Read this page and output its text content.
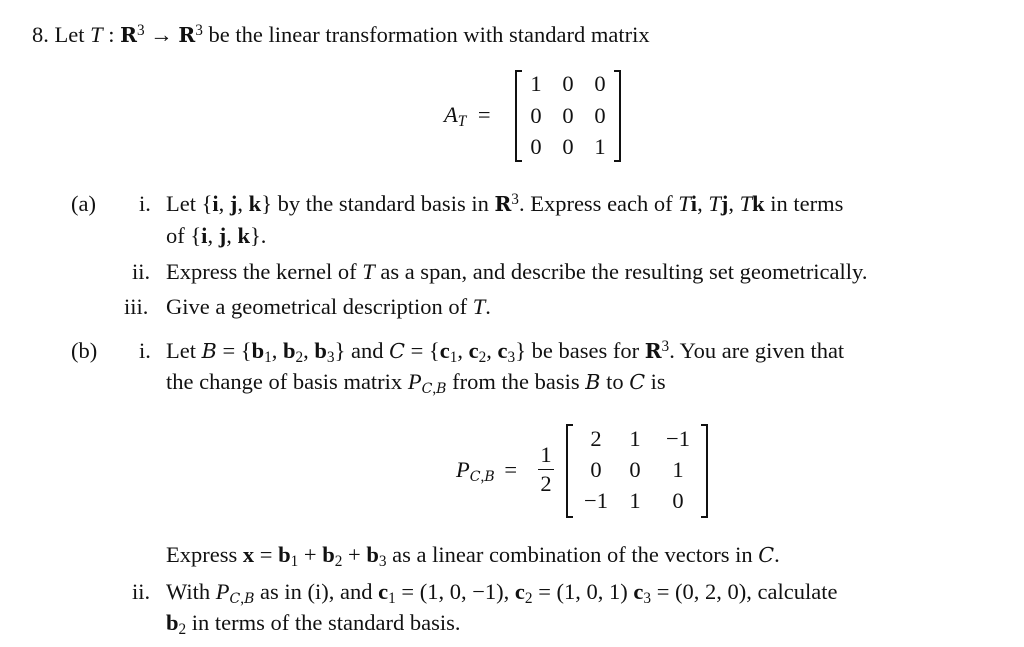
8. Let T : $R^3 \to R^3$ be the linear transformation with standard matrix
$A_T$ =
1 0 0
0 0 0
0 0 1
(a) i. Let {i, j, k} by the standard basis in $R^3$. Express each of Ti, Tj, Tk in terms
of {i, j, k}.
ii. Express the kernel of T as a span, and describe the resulting set geometrically.
iii. Give a geometrical description of T.
(b) i. Let $B = \{b_1$, $b_2$, $b_3$} and $C = \{c_1$, $c_2$, $c_3$} be bases for $R^3$. You are given that
the change of basis matrix $P_{C,B}$ from the basis B to C is
$P_{C,B}$ =
1
2
2	1	−1
0	0	1
−1 1	0
Express $x = b_1 + b_2 + b_3$ as a linear combination of the vectors in C.
ii. With $P_{C,B}$ as in (i), and $c_1 = (1$, 0, −1), $c_2 = (1$, 0, 1) $c_3 = (0$, 2, 0), calculate
$b_2$ in terms of the standard basis.
